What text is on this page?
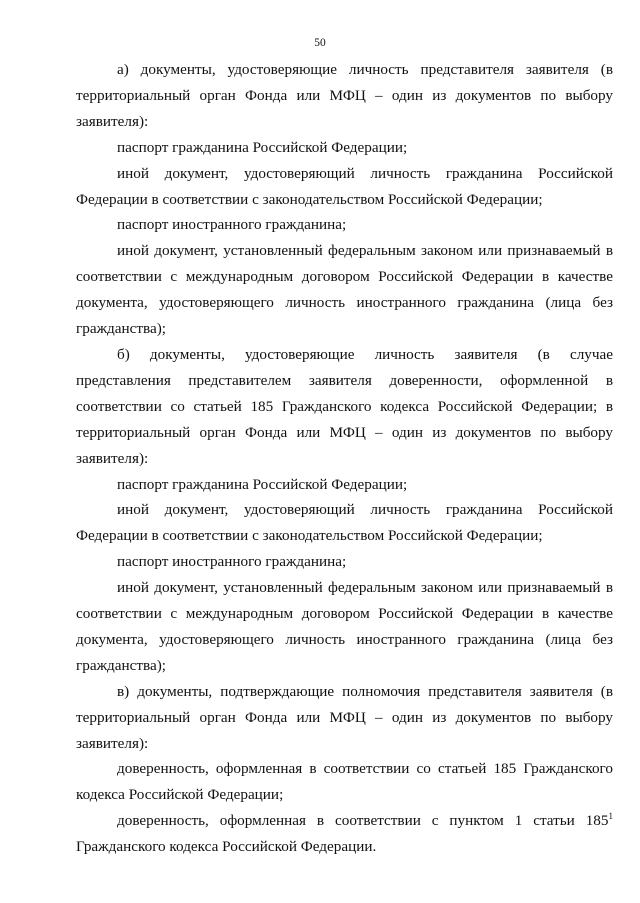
50

а) документы, удостоверяющие личность представителя заявителя (в территориальный орган Фонда или МФЦ – один из документов по выбору заявителя):

паспорт гражданина Российской Федерации;

иной документ, удостоверяющий личность гражданина Российской Федерации в соответствии с законодательством Российской Федерации;

паспорт иностранного гражданина;

иной документ, установленный федеральным законом или признаваемый в соответствии с международным договором Российской Федерации в качестве документа, удостоверяющего личность иностранного гражданина (лица без гражданства);

б) документы, удостоверяющие личность заявителя (в случае представления представителем заявителя доверенности, оформленной в соответствии со статьей 185 Гражданского кодекса Российской Федерации; в территориальный орган Фонда или МФЦ – один из документов по выбору заявителя):

паспорт гражданина Российской Федерации;

иной документ, удостоверяющий личность гражданина Российской Федерации в соответствии с законодательством Российской Федерации;

паспорт иностранного гражданина;

иной документ, установленный федеральным законом или признаваемый в соответствии с международным договором Российской Федерации в качестве документа, удостоверяющего личность иностранного гражданина (лица без гражданства);

в) документы, подтверждающие полномочия представителя заявителя (в территориальный орган Фонда или МФЦ – один из документов по выбору заявителя):

доверенность, оформленная в соответствии со статьей 185 Гражданского кодекса Российской Федерации;

доверенность, оформленная в соответствии с пунктом 1 статьи $185^1$ Гражданского кодекса Российской Федерации.
